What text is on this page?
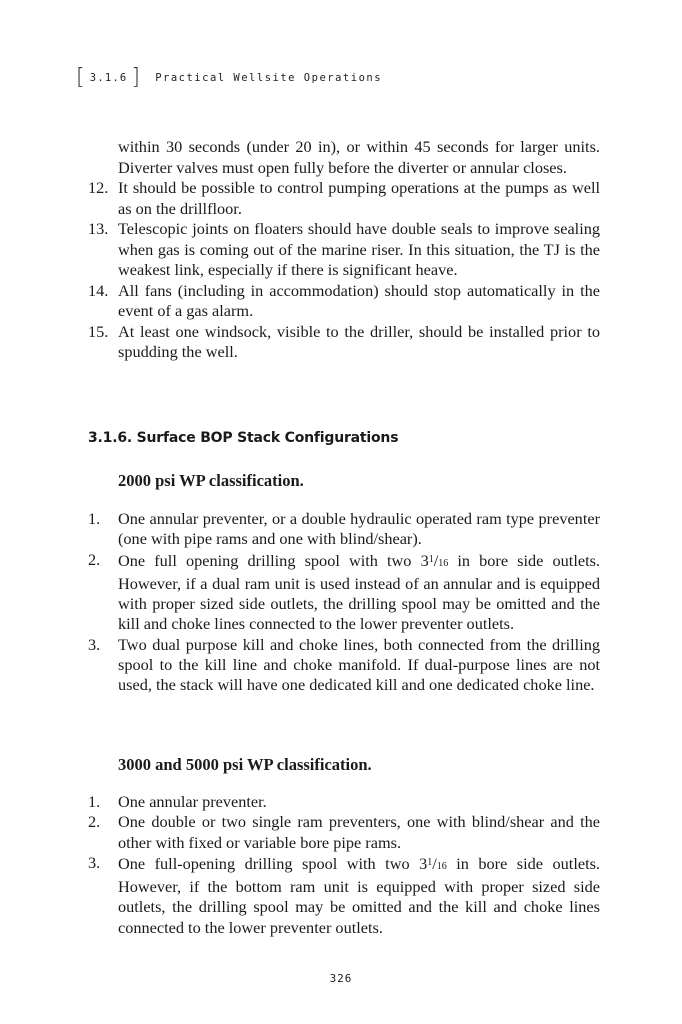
[ 3.1.6 ] Practical Wellsite Operations
within 30 seconds (under 20 in), or within 45 seconds for larger units. Diverter valves must open fully before the diverter or annular closes.
12. It should be possible to control pumping operations at the pumps as well as on the drillfloor.
13. Telescopic joints on floaters should have double seals to improve sealing when gas is coming out of the marine riser. In this situation, the TJ is the weakest link, especially if there is significant heave.
14. All fans (including in accommodation) should stop automatically in the event of a gas alarm.
15. At least one windsock, visible to the driller, should be installed prior to spudding the well.
3.1.6. Surface BOP Stack Configurations
2000 psi WP classification.
1.	One annular preventer, or a double hydraulic operated ram type preventer (one with pipe rams and one with blind/shear).
2.	One full opening drilling spool with two $3^1/16$ in bore side outlets. However, if a dual ram unit is used instead of an annular and is equipped with proper sized side outlets, the drilling spool may be omitted and the kill and choke lines connected to the lower preventer outlets.
3.	Two dual purpose kill and choke lines, both connected from the drilling spool to the kill line and choke manifold. If dual-purpose lines are not used, the stack will have one dedicated kill and one dedicated choke line.
3000 and 5000 psi WP classification.
1.	One annular preventer.
2.	One double or two single ram preventers, one with blind/shear and the other with fixed or variable bore pipe rams.
3.	One full-opening drilling spool with two $3^1/16$ in bore side outlets. However, if the bottom ram unit is equipped with proper sized side outlets, the drilling spool may be omitted and the kill and choke lines connected to the lower preventer outlets.
326
